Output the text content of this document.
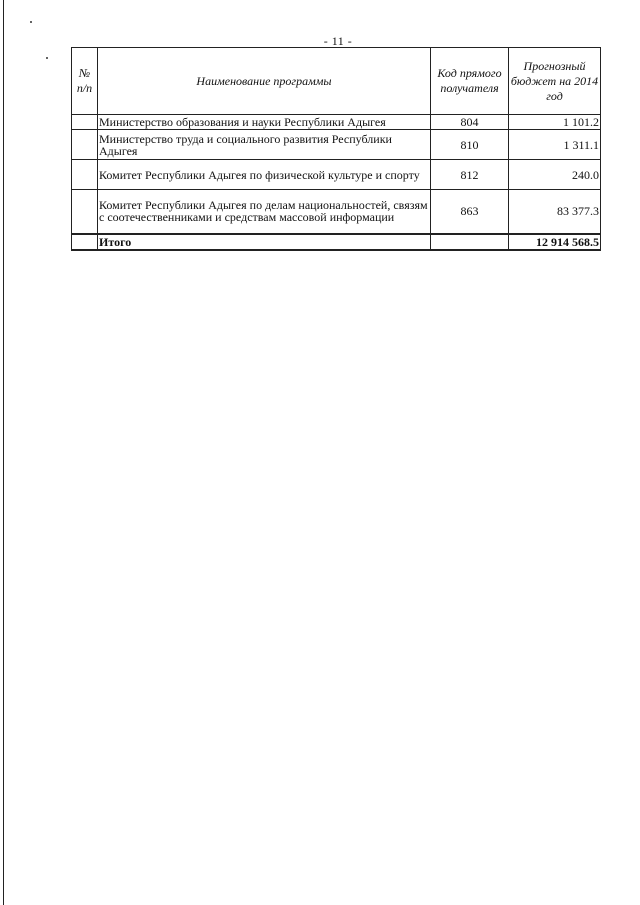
- 11 -
№ п/п	Наименование программы	Код прямого получателя	Прогнозный бюджет на 2014 год
	Министерство образования и науки Республики Адыгея	804	1 101.2
	Министерство труда и социального развития Республики Адыгея	810	1 311.1
	Комитет Республики Адыгея по физической культуре и спорту	812	240.0
	Комитет Республики Адыгея по делам национальностей, связям с соотечественниками и средствам массовой информации	863	83 377.3
	Итого		12 914 568.5
